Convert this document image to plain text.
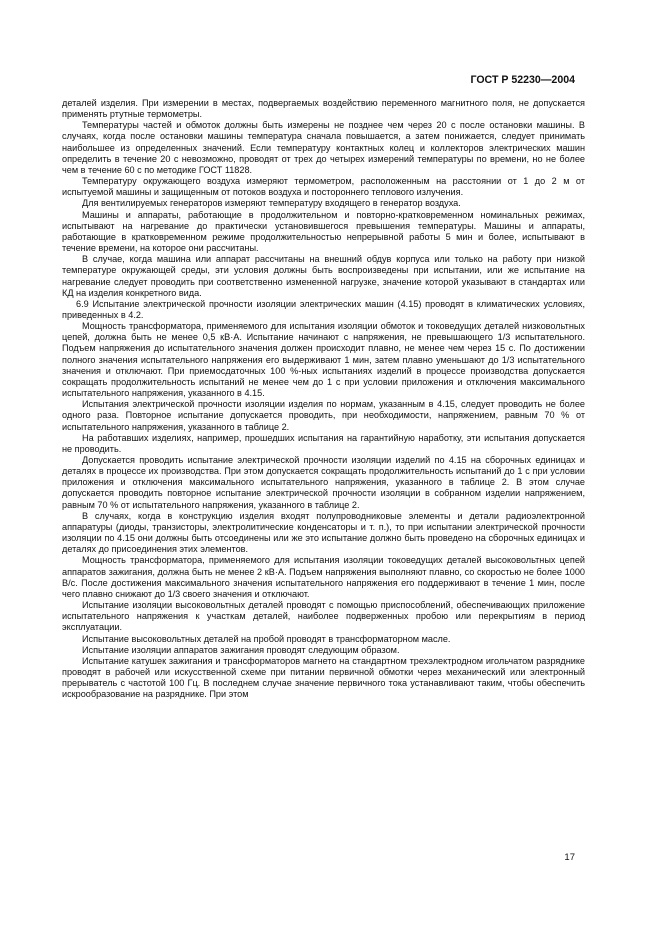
ГОСТ Р 52230—2004

деталей изделия. При измерении в местах, подвергаемых воздействию переменного магнитного поля, не допускается применять ртутные термометры.

Температуры частей и обмоток должны быть измерены не позднее чем через 20 с после остановки машины. В случаях, когда после остановки машины температура сначала повышается, а затем понижается, следует принимать наибольшее из определенных значений. Если температуру контактных колец и коллекторов электрических машин определить в течение 20 с невозможно, проводят от трех до четырех измерений температуры по времени, но не более чем в течение 60 с по методике ГОСТ 11828.

Температуру окружающего воздуха измеряют термометром, расположенным на расстоянии от 1 до 2 м от испытуемой машины и защищенным от потоков воздуха и постороннего теплового излучения.

Для вентилируемых генераторов измеряют температуру входящего в генератор воздуха.

Машины и аппараты, работающие в продолжительном и повторно-кратковременном номинальных режимах, испытывают на нагревание до практически установившегося превышения температуры. Машины и аппараты, работающие в кратковременном режиме продолжительностью непрерывной работы 5 мин и более, испытывают в течение времени, на которое они рассчитаны.

В случае, когда машина или аппарат рассчитаны на внешний обдув корпуса или только на работу при низкой температуре окружающей среды, эти условия должны быть воспроизведены при испытании, или же испытание на нагревание следует проводить при соответственно измененной нагрузке, значение которой указывают в стандартах или КД на изделия конкретного вида.

6.9 Испытание электрической прочности изоляции электрических машин (4.15) проводят в климатических условиях, приведенных в 4.2.

Мощность трансформатора, применяемого для испытания изоляции обмоток и токоведущих деталей низковольтных цепей, должна быть не менее 0,5 кВ·А. Испытание начинают с напряжения, не превышающего 1/3 испытательного. Подъем напряжения до испытательного значения должен происходит плавно, не менее чем через 15 с. По достижении полного значения испытательного напряжения его выдерживают 1 мин, затем плавно уменьшают до 1/3 испытательного значения и отключают. При приемосдаточных 100 %-ных испытаниях изделий в процессе производства допускается сокращать продолжительность испытаний не менее чем до 1 с при условии приложения и отключения максимального испытательного напряжения, указанного в 4.15.

Испытания электрической прочности изоляции изделия по нормам, указанным в 4.15, следует проводить не более одного раза. Повторное испытание допускается проводить, при необходимости, напряжением, равным 70 % от испытательного напряжения, указанного в таблице 2.

На работавших изделиях, например, прошедших испытания на гарантийную наработку, эти испытания допускается не проводить.

Допускается проводить испытание электрической прочности изоляции изделий по 4.15 на сборочных единицах и деталях в процессе их производства. При этом допускается сокращать продолжительность испытаний до 1 с при условии приложения и отключения максимального испытательного напряжения, указанного в таблице 2. В этом случае допускается проводить повторное испытание электрической прочности изоляции в собранном изделии напряжением, равным 70 % от испытательного напряжения, указанного в таблице 2.

В случаях, когда в конструкцию изделия входят полупроводниковые элементы и детали радиоэлектронной аппаратуры (диоды, транзисторы, электролитические конденсаторы и т. п.), то при испытании электрической прочности изоляции по 4.15 они должны быть отсоединены или же это испытание должно быть проведено на сборочных единицах и деталях до присоединения этих элементов.

Мощность трансформатора, применяемого для испытания изоляции токоведущих деталей высоковольтных цепей аппаратов зажигания, должна быть не менее 2 кВ·А. Подъем напряжения выполняют плавно, со скоростью не более 1000 В/с. После достижения максимального значения испытательного напряжения его поддерживают в течение 1 мин, после чего плавно снижают до 1/3 своего значения и отключают.

Испытание изоляции высоковольтных деталей проводят с помощью приспособлений, обеспечивающих приложение испытательного напряжения к участкам деталей, наиболее подверженных пробою или перекрытиям в период эксплуатации.

Испытание высоковольтных деталей на пробой проводят в трансформаторном масле.

Испытание изоляции аппаратов зажигания проводят следующим образом.

Испытание катушек зажигания и трансформаторов магнето на стандартном трехэлектродном игольчатом разряднике проводят в рабочей или искусственной схеме при питании первичной обмотки через механический или электронный прерыватель с частотой 100 Гц. В последнем случае значение первичного тока устанавливают таким, чтобы обеспечить искрообразование на разряднике. При этом

17
